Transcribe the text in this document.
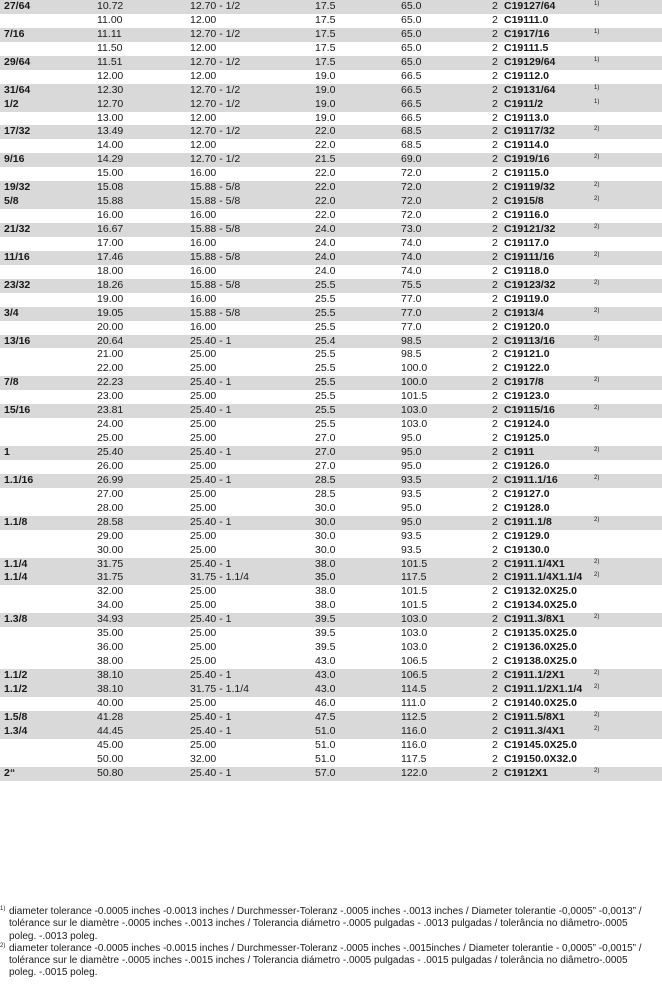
27/64	10.72	12.70 - 1/2	17.5	65.0	2 C19127/64	1)
11.00	12.00	17.5	65.0	2 C19111.0
7/16	11.11	12.70 - 1/2	17.5	65.0	2 C1917/16	1)
11.50	12.00	17.5	65.0	2 C19111.5
29/64	11.51	12.70 - 1/2	17.5	65.0	2 C19129/64	1)
12.00	12.00	19.0	66.5	2 C19112.0
31/64	12.30	12.70 - 1/2	19.0	66.5	2 C19131/64	1)
1/2	12.70	12.70 - 1/2	19.0	66.5	2 C1911/2	1)
13.00	12.00	19.0	66.5	2 C19113.0
17/32	13.49	12.70 - 1/2	22.0	68.5	2 C19117/32	2)
14.00	12.00	22.0	68.5	2 C19114.0
9/16	14.29	12.70 - 1/2	21.5	69.0	2 C1919/16	2)
15.00	16.00	22.0	72.0	2 C19115.0
19/32	15.08	15.88 - 5/8	22.0	72.0	2 C19119/32	2)
5/8	15.88	15.88 - 5/8	22.0	72.0	2 C1915/8	2)
16.00	16.00	22.0	72.0	2 C19116.0
21/32	16.67	15.88 - 5/8	24.0	73.0	2 C19121/32	2)
17.00	16.00	24.0	74.0	2 C19117.0
11/16	17.46	15.88 - 5/8	24.0	74.0	2 C19111/16	2)
18.00	16.00	24.0	74.0	2 C19118.0
23/32	18.26	15.88 - 5/8	25.5	75.5	2 C19123/32	2)
19.00	16.00	25.5	77.0	2 C19119.0
3/4	19.05	15.88 - 5/8	25.5	77.0	2 C1913/4	2)
20.00	16.00	25.5	77.0	2 C19120.0
13/16	20.64	25.40 - 1	25.4	98.5	2 C19113/16	2)
21.00	25.00	25.5	98.5	2 C19121.0
22.00	25.00	25.5	100.0	2 C19122.0
7/8	22.23	25.40 - 1	25.5	100.0	2 C1917/8	2)
23.00	25.00	25.5	101.5	2 C19123.0
15/16	23.81	25.40 - 1	25.5	103.0	2 C19115/16	2)
24.00	25.00	25.5	103.0	2 C19124.0
25.00	25.00	27.0	95.0	2 C19125.0
1	25.40	25.40 - 1	27.0	95.0	2 C1911	2)
26.00	25.00	27.0	95.0	2 C19126.0
1.1/16	26.99	25.40 - 1	28.5	93.5	2 C1911.1/16	2)
27.00	25.00	28.5	93.5	2 C19127.0
28.00	25.00	30.0	95.0	2 C19128.0
1.1/8	28.58	25.40 - 1	30.0	95.0	2 C1911.1/8	2)
29.00	25.00	30.0	93.5	2 C19129.0
30.00	25.00	30.0	93.5	2 C19130.0
1.1/4	31.75	25.40 - 1	38.0	101.5	2 C1911.1/4X1	2)
1.1/4	31.75	31.75 - 1.1/4	35.0	117.5	2 C1911.1/4X1.1/4 2)
32.00	25.00	38.0	101.5	2 C19132.0X25.0
34.00	25.00	38.0	101.5	2 C19134.0X25.0
1.3/8	34.93	25.40 - 1	39.5	103.0	2 C1911.3/8X1	2)
35.00	25.00	39.5	103.0	2 C19135.0X25.0
36.00	25.00	39.5	103.0	2 C19136.0X25.0
38.00	25.00	43.0	106.5	2 C19138.0X25.0
1.1/2	38.10	25.40 - 1	43.0	106.5	2 C1911.1/2X1	2)
1.1/2	38.10	31.75 - 1.1/4	43.0	114.5	2 C1911.1/2X1.1/4 2)
40.00	25.00	46.0	111.0	2 C19140.0X25.0
1.5/8	41.28	25.40 - 1	47.5	112.5	2 C1911.5/8X1	2)
1.3/4	44.45	25.40 - 1	51.0	116.0	2 C1911.3/4X1	2)
45.00	25.00	51.0	116.0	2 C19145.0X25.0
50.00	32.00	51.0	117.5	2 C19150.0X32.0
2“	50.80	25.40 - 1	57.0	122.0	2 C1912X1	2)
1) diameter tolerance -0.0005 inches -0.0013 inches / Durchmesser-Toleranz -.0005 inches -.0013 inches / Diameter tolerantie -0,0005” -0,0013” / tolérance sur le diamètre -.0005 inches -.0013 inches / Tolerancia diámetro -.0005 pulgadas - .0013 pulgadas / tolerância no diâmetro-.0005 poleg. -.0013 poleg.
2) diameter tolerance -0.0005 inches -0.0015 inches / Durchmesser-Toleranz -.0005 inches -.0015inches / Diameter tolerantie - 0,0005” -0,0015” / tolérance sur le diamètre -.0005 inches -.0015 inches / Tolerancia diámetro -.0005 pulgadas - .0015 pulgadas / tolerância no diâmetro-.0005 poleg. -.0015 poleg.
